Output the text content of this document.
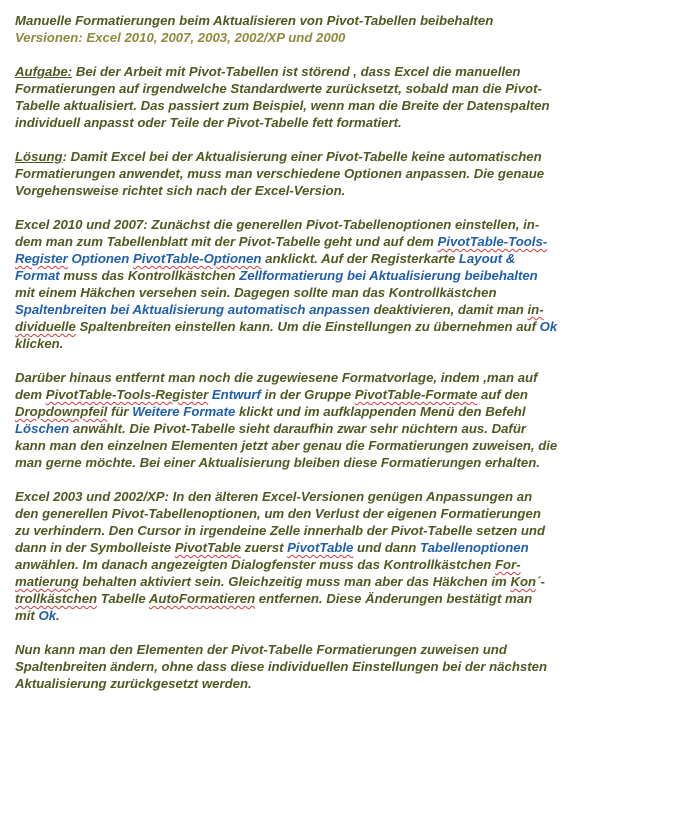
Manuelle Formatierungen beim Aktualisieren von Pivot-Tabellen beibehalten
Versionen: Excel 2010, 2007, 2003, 2002/XP und 2000
Aufgabe: Bei der Arbeit mit Pivot-Tabellen ist störend , dass Excel die manuellen
Formatierungen auf irgendwelche Standardwerte zurücksetzt, sobald man die Pivot-
Tabelle aktualisiert. Das passiert zum Beispiel, wenn man die Breite der Datenspalten
individuell anpasst oder Teile der Pivot-Tabelle fett formatiert.
Lösung: Damit Excel bei der Aktualisierung einer Pivot-Tabelle keine automatischen
Formatierungen anwendet, muss man verschiedene Optionen anpassen. Die genaue
Vorgehensweise richtet sich nach der Excel-Version.
Excel 2010 und 2007: Zunächst die generellen Pivot-Tabellenoptionen einstellen, in-
dem man zum Tabellenblatt mit der Pivot-Tabelle geht und auf dem PivotTable-Tools-
Register Optionen PivotTable-Optionen anklickt. Auf der Registerkarte Layout &
Format muss das Kontrollkästchen Zellformatierung bei Aktualisierung beibehalten
mit einem Häkchen versehen sein. Dagegen sollte man das Kontrollkästchen
Spaltenbreiten bei Aktualisierung automatisch anpassen deaktivieren, damit man in-
dividuelle Spaltenbreiten einstellen kann. Um die Einstellungen zu übernehmen auf Ok
klicken.
Darüber hinaus entfernt man noch die zugewiesene Formatvorlage, indem ,man auf
dem PivotTable-Tools-Register Entwurf in der Gruppe PivotTable-Formate auf den
Dropdownpfeil für Weitere Formate klickt und im aufklappenden Menü den Befehl
Löschen anwählt. Die Pivot-Tabelle sieht daraufhin zwar sehr nüchtern aus. Dafür
kann man den einzelnen Elementen jetzt aber genau die Formatierungen zuweisen, die
man gerne möchte. Bei einer Aktualisierung bleiben diese Formatierungen erhalten.
Excel 2003 und 2002/XP: In den älteren Excel-Versionen genügen Anpassungen an
den generellen Pivot-Tabellenoptionen, um den Verlust der eigenen Formatierungen
zu verhindern. Den Cursor in irgendeine Zelle innerhalb der Pivot-Tabelle setzen und
dann in der Symbolleiste PivotTable zuerst PivotTable und dann Tabellenoptionen
anwählen. Im danach angezeigten Dialogfenster muss das Kontrollkästchen For-
matierung behalten aktiviert sein. Gleichzeitig muss man aber das Häkchen im Kon´-
trollkästchen Tabelle AutoFormatieren entfernen. Diese Änderungen bestätigt man
mit Ok.
Nun kann man den Elementen der Pivot-Tabelle Formatierungen zuweisen und
Spaltenbreiten ändern, ohne dass diese individuellen Einstellungen bei der nächsten
Aktualisierung zurückgesetzt werden.
